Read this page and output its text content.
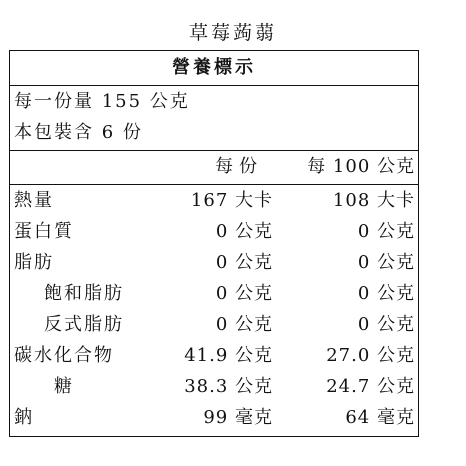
草莓蒟蒻
營養標示
每一份量 155 公克
本包裝含 6 份
每份 每 100 公克
熱量	167 大卡	108 大卡
蛋白質	0 公克	0 公克
脂肪	0 公克	0 公克
飽和脂肪	0 公克	0 公克
反式脂肪	0 公克	0 公克
碳水化合物	41.9 公克	27.0 公克
糖	38.3 公克	24.7 公克
鈉	99 毫克	64 毫克
